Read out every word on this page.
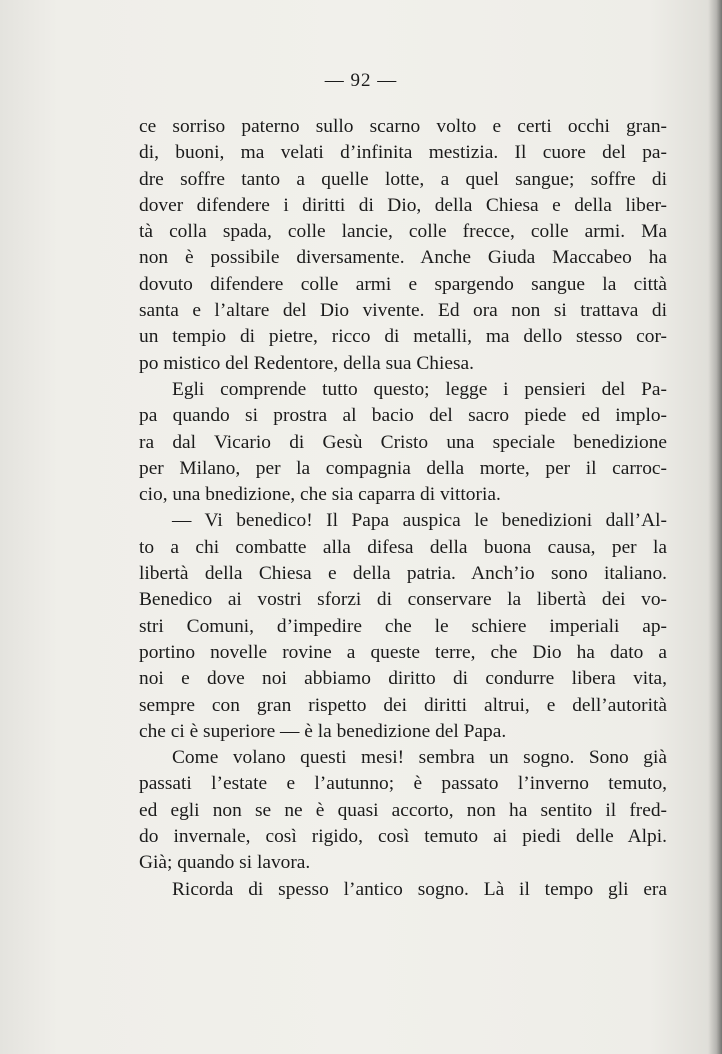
— 92 —
ce sorriso paterno sullo scarno volto e certi occhi gran-
di, buoni, ma velati d’infinita mestizia. Il cuore del pa-
dre soffre tanto a quelle lotte, a quel sangue; soffre di
dover difendere i diritti di Dio, della Chiesa e della liber-
tà colla spada, colle lancie, colle frecce, colle armi. Ma
non è possibile diversamente. Anche Giuda Maccabeo ha
dovuto difendere colle armi e spargendo sangue la città
santa e l’altare del Dio vivente. Ed ora non si trattava di
un tempio di pietre, ricco di metalli, ma dello stesso cor-
po mistico del Redentore, della sua Chiesa.
Egli comprende tutto questo; legge i pensieri del Pa-
pa quando si prostra al bacio del sacro piede ed implo-
ra dal Vicario di Gesù Cristo una speciale benedizione
per Milano, per la compagnia della morte, per il carroc-
cio, una bnedizione, che sia caparra di vittoria.
— Vi benedico! Il Papa auspica le benedizioni dall’Al-
to a chi combatte alla difesa della buona causa, per la
libertà della Chiesa e della patria. Anch’io sono italiano.
Benedico ai vostri sforzi di conservare la libertà dei vo-
stri Comuni, d’impedire che le schiere imperiali ap-
portino novelle rovine a queste terre, che Dio ha dato a
noi e dove noi abbiamo diritto di condurre libera vita,
sempre con gran rispetto dei diritti altrui, e dell’autorità
che ci è superiore — è la benedizione del Papa.
Come volano questi mesi! sembra un sogno. Sono già
passati l’estate e l’autunno; è passato l’inverno temuto,
ed egli non se ne è quasi accorto, non ha sentito il fred-
do invernale, così rigido, così temuto ai piedi delle Alpi.
Già; quando si lavora.
Ricorda di spesso l’antico sogno. Là il tempo gli era
